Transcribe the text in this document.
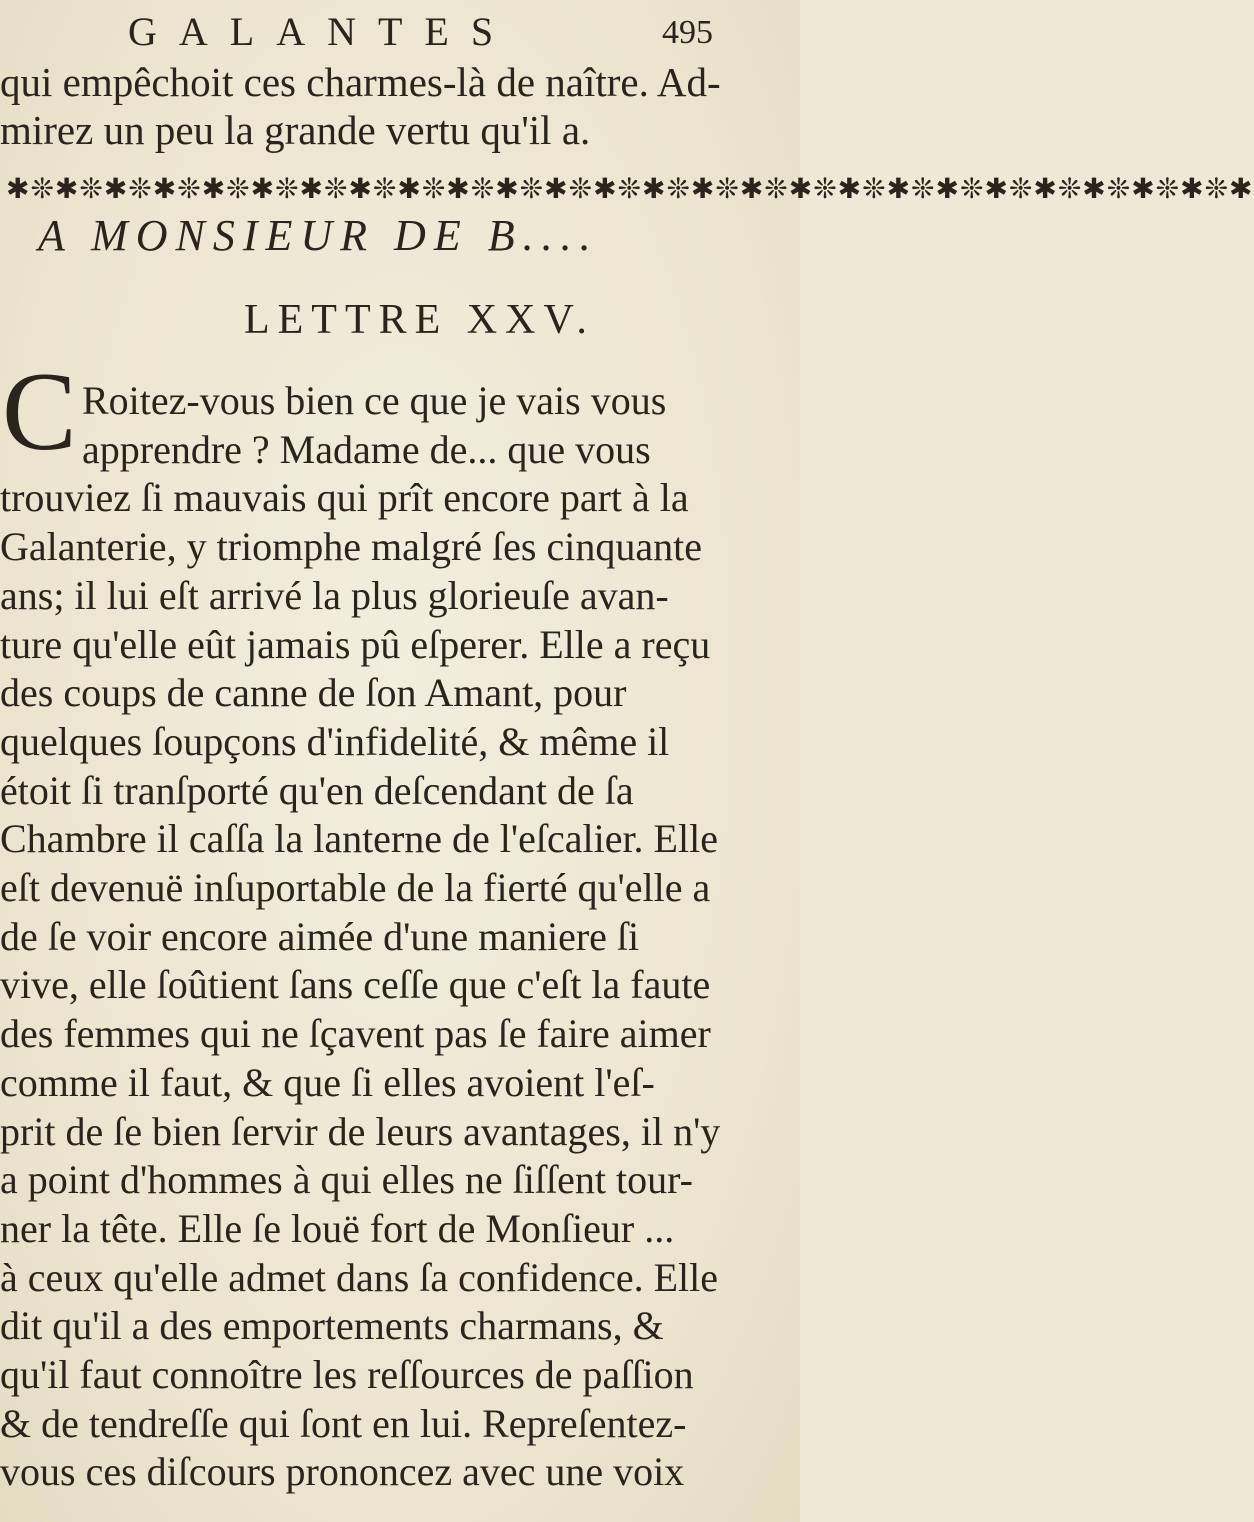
GALANTES	495
qui empêchoit ces charmes-là de naître. Ad-
mirez un peu la grande vertu qu'il a.
✱❊✱❊✱❊✱❊✱❊✱❊✱❊✱❊✱❊✱❊✱❊✱❊✱❊✱❊✱❊✱❊✱❊✱❊✱❊✱❊✱❊✱❊✱❊✱❊✱❊✱
A MONSIEUR DE B....
LETTRE XXV.
C Roitez-vous bien ce que je vais vous
apprendre ? Madame de... que vous
trouviez ſi mauvais qui prît encore part à la
Galanterie, y triomphe malgré ſes cinquante
ans; il lui eſt arrivé la plus glorieuſe avan-
ture qu'elle eût jamais pû eſperer. Elle a reçu
des coups de canne de ſon Amant, pour
quelques ſoupçons d'infidelité, & même il
étoit ſi tranſporté qu'en deſcendant de ſa
Chambre il caſſa la lanterne de l'eſcalier. Elle
eſt devenuë inſuportable de la fierté qu'elle a
de ſe voir encore aimée d'une maniere ſi
vive, elle ſoûtient ſans ceſſe que c'eſt la faute
des femmes qui ne ſçavent pas ſe faire aimer
comme il faut, & que ſi elles avoient l'eſ-
prit de ſe bien ſervir de leurs avantages, il n'y
a point d'hommes à qui elles ne ſiſſent tour-
ner la tête. Elle ſe louë fort de Monſieur ...
à ceux qu'elle admet dans ſa confidence. Elle
dit qu'il a des emportements charmans, &
qu'il faut connoître les reſſources de paſſion
& de tendreſſe qui ſont en lui. Repreſentez-
vous ces diſcours prononcez avec une voix
